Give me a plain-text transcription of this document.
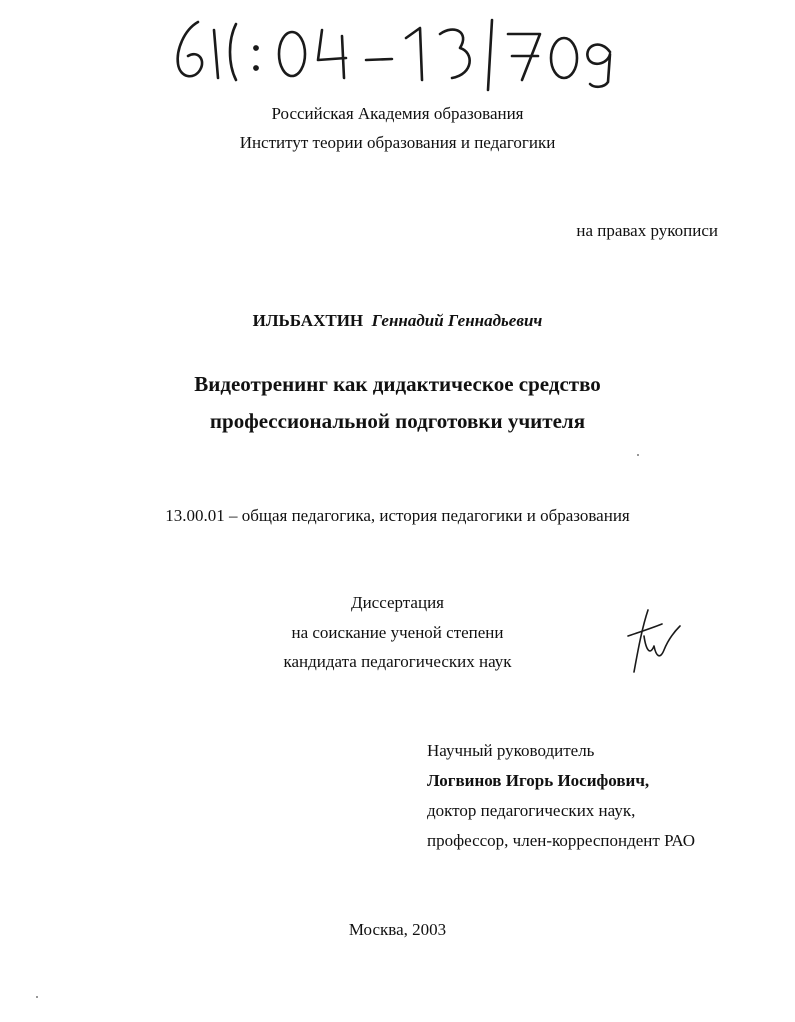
Российская Академия образования
Институт теории образования и педагогики
на правах рукописи
ИЛЬБАХТИН Геннадий Геннадьевич
Видеотренинг как дидактическое средство
профессиональной подготовки учителя
13.00.01 – общая педагогика, история педагогики и образования
Диссертация
на соискание ученой степени
кандидата педагогических наук
Научный руководитель
Логвинов Игорь Иосифович,
доктор педагогических наук,
профессор, член-корреспондент РАО
Москва, 2003
